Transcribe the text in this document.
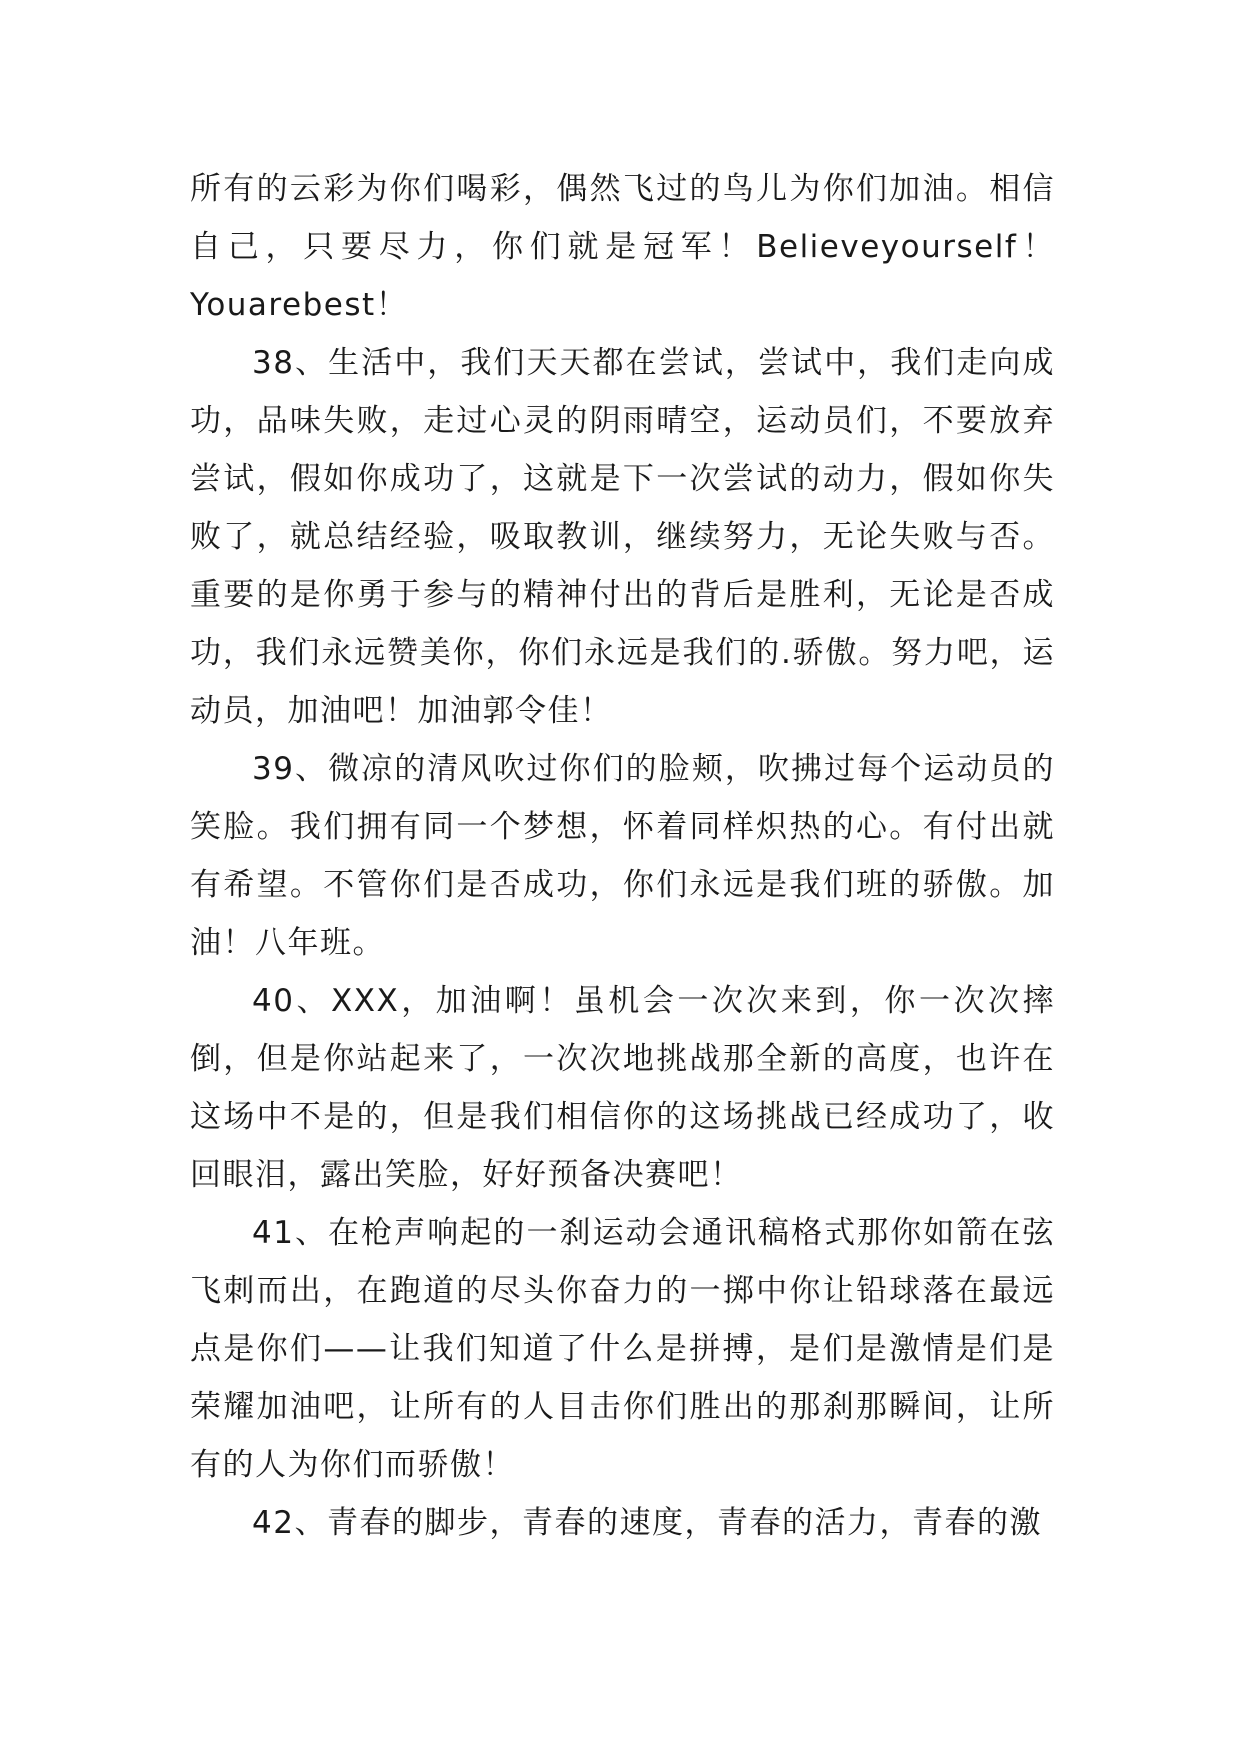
所有的云彩为你们喝彩，偶然飞过的鸟儿为你们加油。相信自己，只要尽力，你们就是冠军！Believeyourself！Youarebest！

38、生活中，我们天天都在尝试，尝试中，我们走向成功，品味失败，走过心灵的阴雨晴空，运动员们，不要放弃尝试，假如你成功了，这就是下一次尝试的动力，假如你失败了，就总结经验，吸取教训，继续努力，无论失败与否。重要的是你勇于参与的精神付出的背后是胜利，无论是否成功，我们永远赞美你，你们永远是我们的.骄傲。努力吧，运动员，加油吧！加油郭令佳！

39、微凉的清风吹过你们的脸颊，吹拂过每个运动员的笑脸。我们拥有同一个梦想，怀着同样炽热的心。有付出就有希望。不管你们是否成功，你们永远是我们班的骄傲。加油！八年班。

40、XXX，加油啊！虽机会一次次来到，你一次次摔倒，但是你站起来了，一次次地挑战那全新的高度，也许在这场中不是的，但是我们相信你的这场挑战已经成功了，收回眼泪，露出笑脸，好好预备决赛吧！

41、在枪声响起的一刹运动会通讯稿格式那你如箭在弦飞刺而出，在跑道的尽头你奋力的一掷中你让铅球落在最远点是你们——让我们知道了什么是拼搏，是们是激情是们是荣耀加油吧，让所有的人目击你们胜出的那刹那瞬间，让所有的人为你们而骄傲！

42、青春的脚步，青春的速度，青春的活力，青春的激
